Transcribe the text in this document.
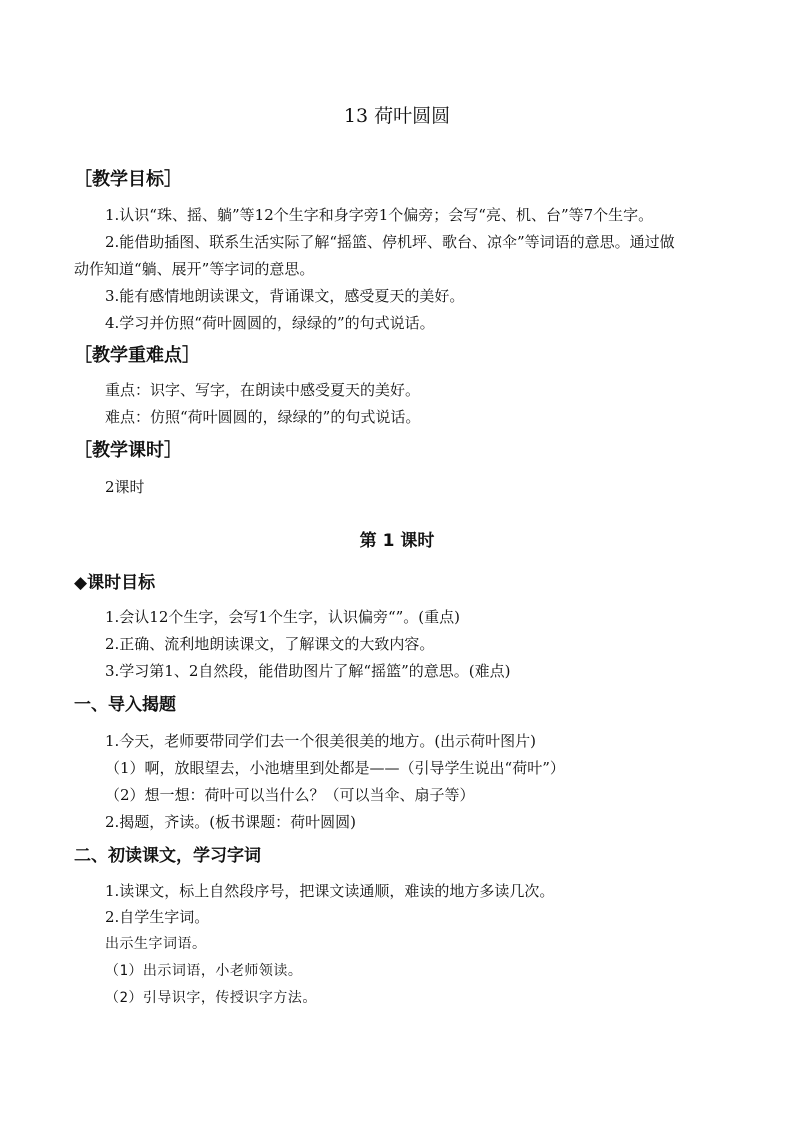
13 荷叶圆圆
［教学目标］
1.认识“珠、摇、躺”等12个生字和身字旁1个偏旁；会写“亮、机、台”等7个生字。
2.能借助插图、联系生活实际了解“摇篮、停机坪、歌台、凉伞”等词语的意思。通过做
动作知道“躺、展开”等字词的意思。
3.能有感情地朗读课文，背诵课文，感受夏天的美好。
4.学习并仿照“荷叶圆圆的，绿绿的”的句式说话。
［教学重难点］
重点：识字、写字，在朗读中感受夏天的美好。
难点：仿照“荷叶圆圆的，绿绿的”的句式说话。
［教学课时］
2课时
第 1 课时
◆课时目标
1.会认12个生字，会写1个生字，认识偏旁“”。(重点)
2.正确、流利地朗读课文，了解课文的大致内容。
3.学习第1、2自然段，能借助图片了解“摇篮”的意思。(难点)
一、导入揭题
1.今天，老师要带同学们去一个很美很美的地方。(出示荷叶图片)
（1）啊，放眼望去，小池塘里到处都是——（引导学生说出“荷叶”）
（2）想一想：荷叶可以当什么？（可以当伞、扇子等）
2.揭题，齐读。(板书课题：荷叶圆圆)
二、初读课文，学习字词
1.读课文，标上自然段序号，把课文读通顺，难读的地方多读几次。
2.自学生字词。
出示生字词语。
（1）出示词语，小老师领读。
（2）引导识字，传授识字方法。
